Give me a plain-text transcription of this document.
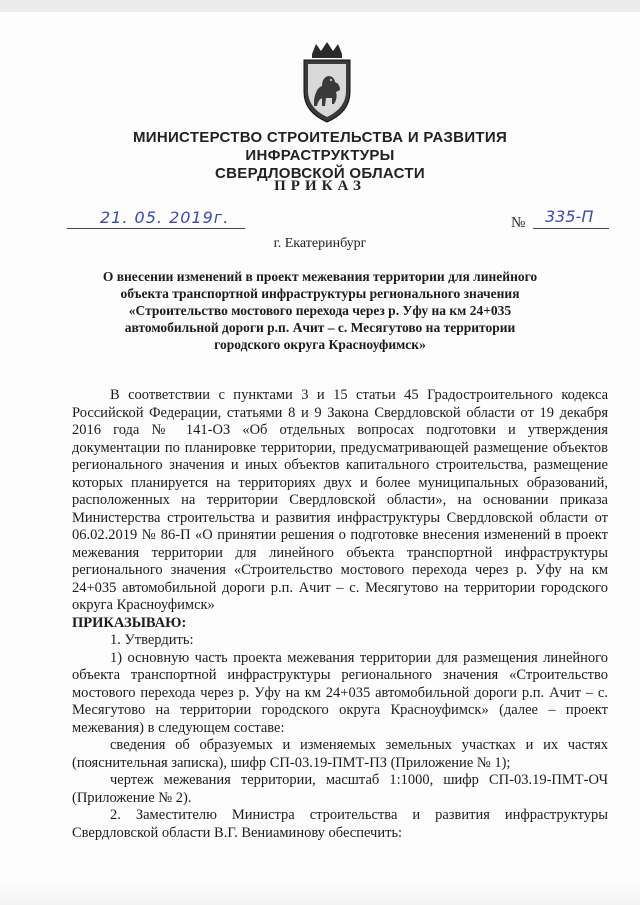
МИНИСТЕРСТВО СТРОИТЕЛЬСТВА И РАЗВИТИЯ ИНФРАСТРУКТУРЫ
СВЕРДЛОВСКОЙ ОБЛАСТИ
ПРИКАЗ
21. 05. 2019г.	№ 335-П
г. Екатеринбург
О внесении изменений в проект межевания территории для линейного
объекта транспортной инфраструктуры регионального значения
«Строительство мостового перехода через р. Уфу на км 24+035
автомобильной дороги р.п. Ачит – с. Месягутово на территории
городского округа Красноуфимск»

В соответствии с пунктами 3 и 15 статьи 45 Градостроительного кодекса Российской Федерации, статьями 8 и 9 Закона Свердловской области от 19 декабря 2016 года № 141-ОЗ «Об отдельных вопросах подготовки и утверждения документации по планировке территории, предусматривающей размещение объектов регионального значения и иных объектов капитального строительства, размещение которых планируется на территориях двух и более муниципальных образований, расположенных на территории Свердловской области», на основании приказа Министерства строительства и развития инфраструктуры Свердловской области от 06.02.2019 № 86-П «О принятии решения о подготовке внесения изменений в проект межевания территории для линейного объекта транспортной инфраструктуры регионального значения «Строительство мостового перехода через р. Уфу на км 24+035 автомобильной дороги р.п. Ачит – с. Месягутово на территории городского округа Красноуфимск»

ПРИКАЗЫВАЮ:

1. Утвердить:

1) основную часть проекта межевания территории для размещения линейного объекта транспортной инфраструктуры регионального значения «Строительство мостового перехода через р. Уфу на км 24+035 автомобильной дороги р.п. Ачит – с. Месягутово на территории городского округа Красноуфимск» (далее – проект межевания) в следующем составе:

сведения об образуемых и изменяемых земельных участках и их частях (пояснительная записка), шифр СП-03.19-ПМТ-ПЗ (Приложение № 1);

чертеж межевания территории, масштаб 1:1000, шифр СП-03.19-ПМТ-ОЧ (Приложение № 2).

2. Заместителю Министра строительства и развития инфраструктуры Свердловской области В.Г. Вениаминову обеспечить:
